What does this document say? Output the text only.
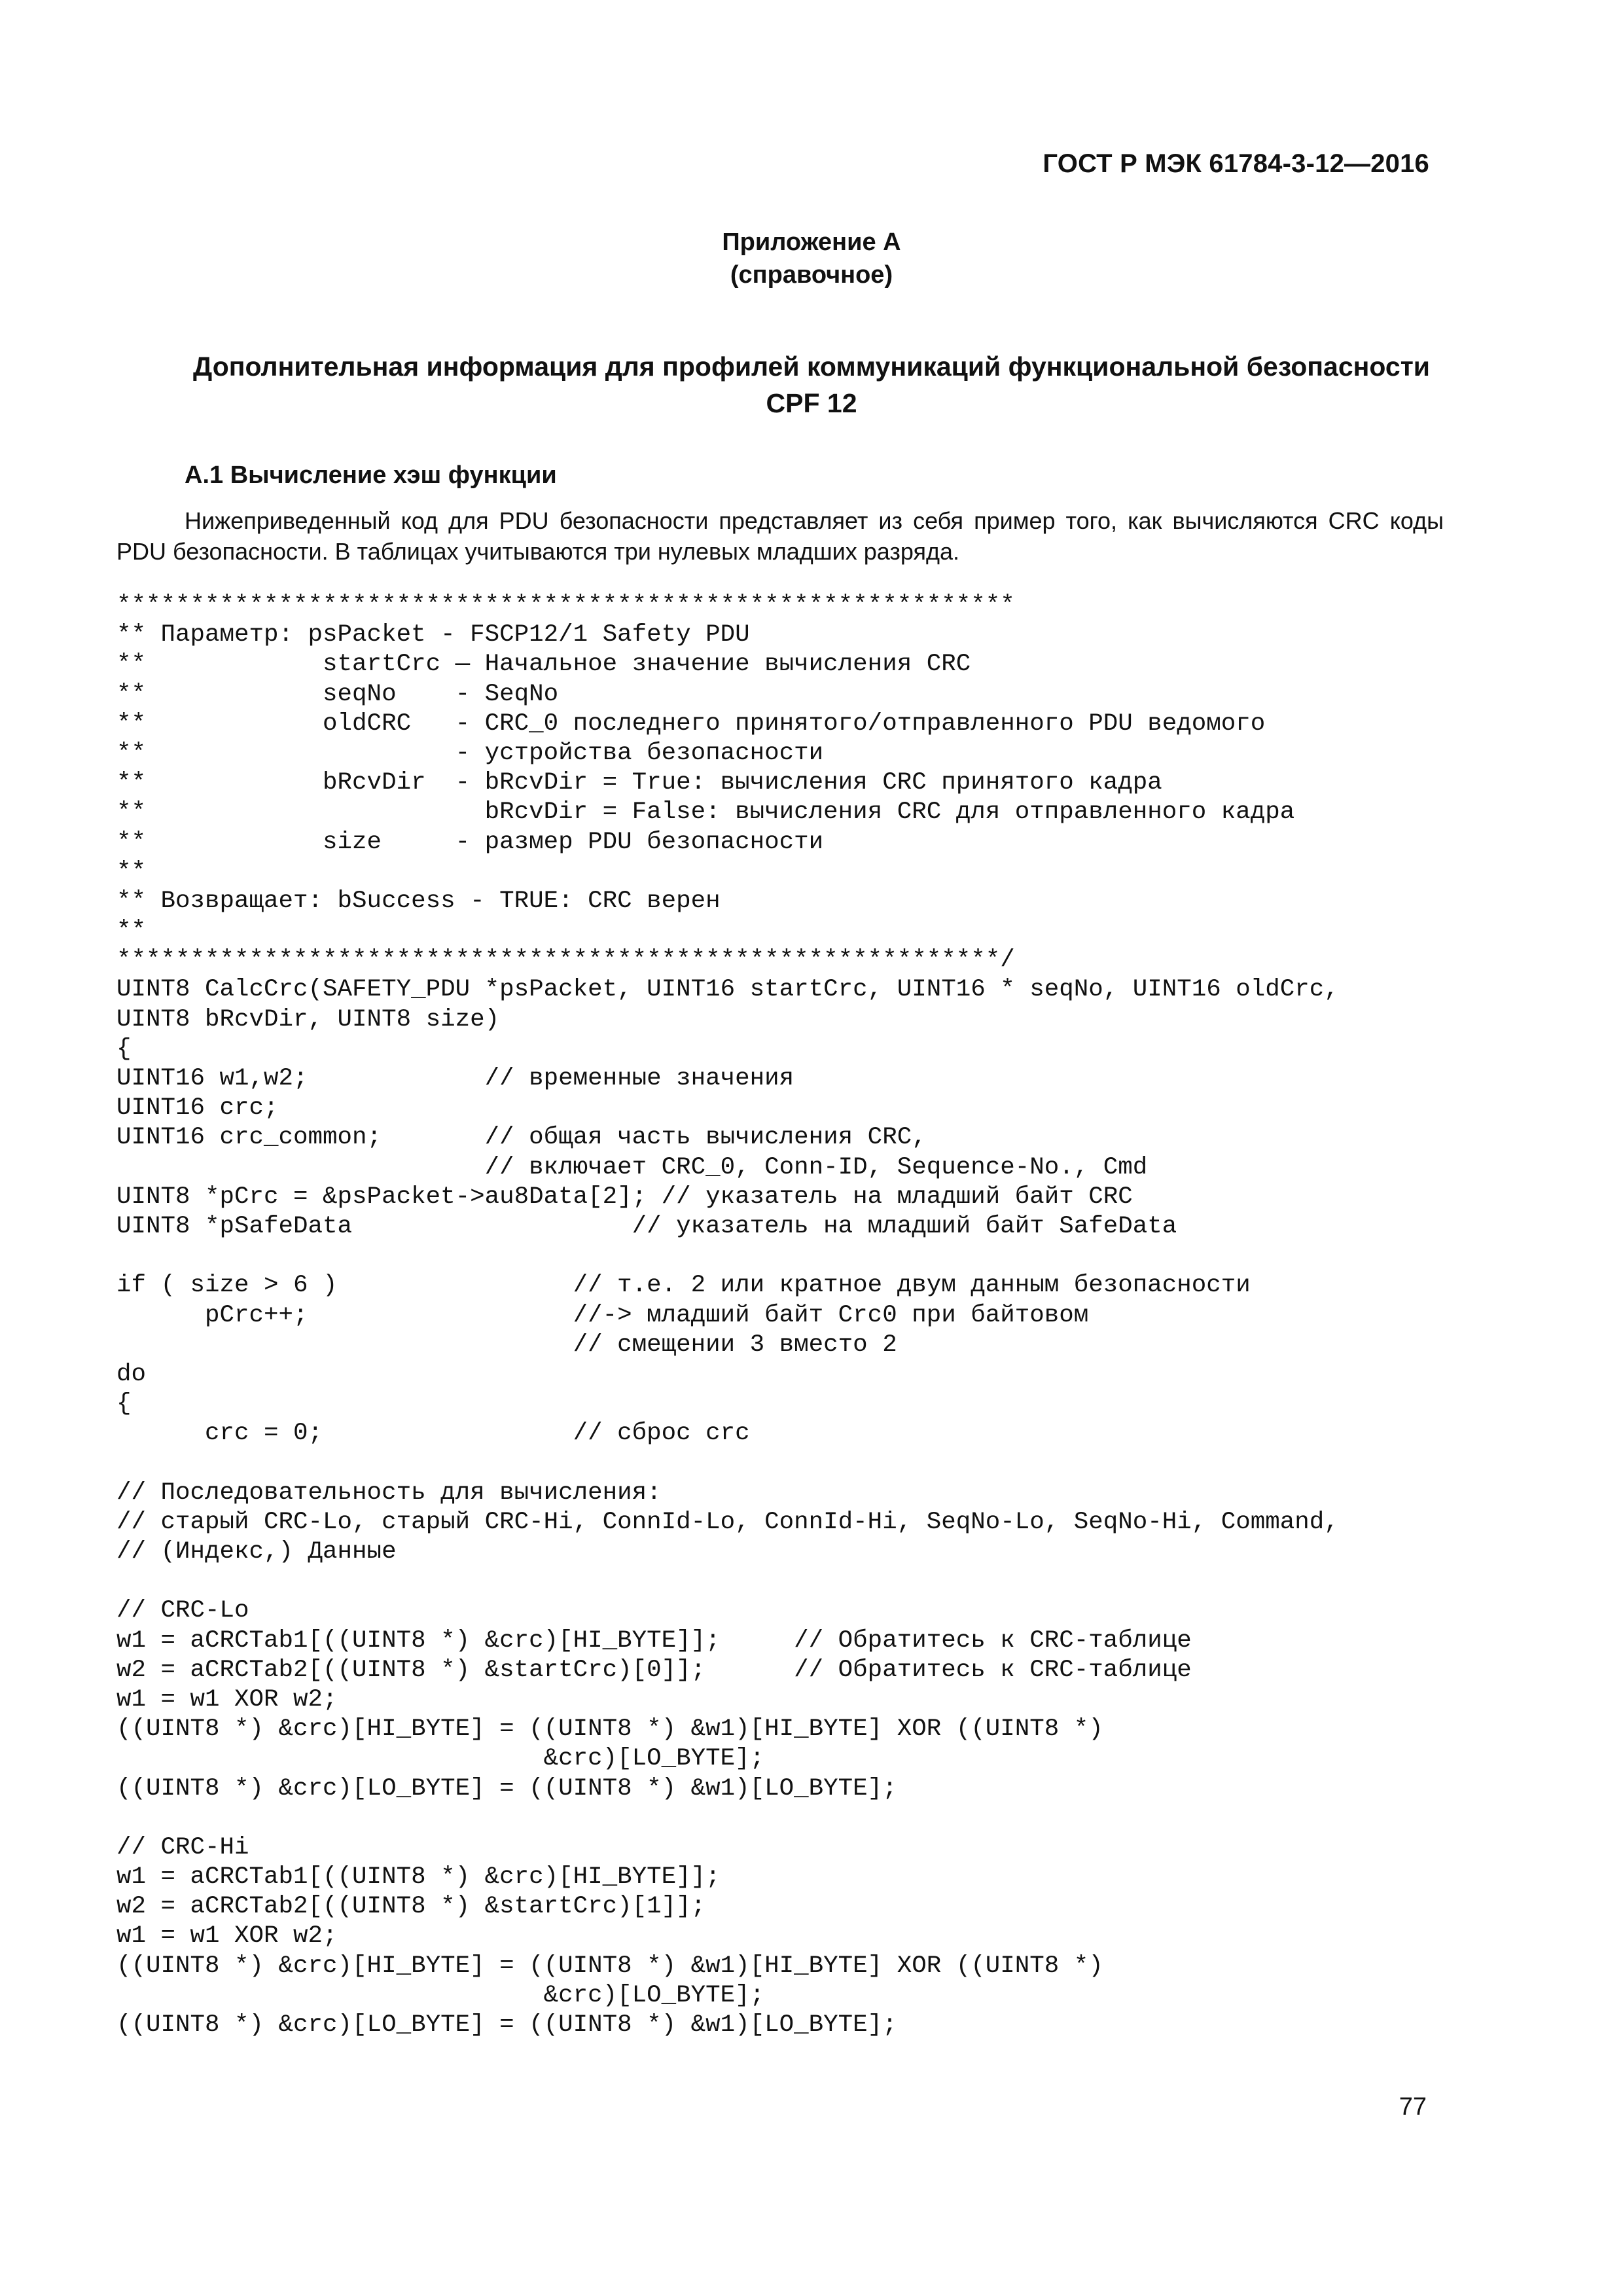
ГОСТ Р МЭК 61784-3-12—2016
Приложение А
(справочное)
Дополнительная информация для профилей коммуникаций функциональной безопасности
CPF 12
А.1 Вычисление хэш функции
Нижеприведенный код для PDU безопасности представляет из себя пример того, как вычисляются CRC коды PDU безопасности. В таблицах учитываются три нулевых младших разряда.
*************************************************************
** Параметр: psPacket - FSCP12/1 Safety PDU
**            startCrc — Начальное значение вычисления CRC
**            seqNo    - SeqNo
**            oldCRC   - CRC_0 последнего принятого/отправленного PDU ведомого
**                     - устройства безопасности
**            bRcvDir  - bRcvDir = True: вычисления CRC принятого кадра
**                       bRcvDir = False: вычисления CRC для отправленного кадра
**            size     - размер PDU безопасности
**
** Возвращает: bSuccess - TRUE: CRC верен
**
************************************************************/
UINT8 CalcCrc(SAFETY_PDU *psPacket, UINT16 startCrc, UINT16 * seqNo, UINT16 oldCrc,
UINT8 bRcvDir, UINT8 size)
{
UINT16 w1,w2;            // временные значения
UINT16 crc;
UINT16 crc_common;       // общая часть вычисления CRC,
// включает CRC_0, Conn-ID, Sequence-No., Cmd
UINT8 *pCrc = &psPacket->au8Data[2]; // указатель на младший байт CRC
UINT8 *pSafeData                   // указатель на младший байт SafeData
if ( size > 6 )                // т.е. 2 или кратное двум данным безопасности
pCrc++;                  //-> младший байт Crc0 при байтовом
// смещении 3 вместо 2
do
{
crc = 0;                 // сброс crc
// Последовательность для вычисления:
// старый CRC-Lo, старый CRC-Hi, ConnId-Lo, ConnId-Hi, SeqNo-Lo, SeqNo-Hi, Command,
// (Индекс,) Данные
// CRC-Lo
w1 = aCRCTab1[((UINT8 *) &crc)[HI_BYTE]];     // Обратитесь к CRC-таблице
w2 = aCRCTab2[((UINT8 *) &startCrc)[0]];      // Обратитесь к CRC-таблице
w1 = w1 XOR w2;
((UINT8 *) &crc)[HI_BYTE] = ((UINT8 *) &w1)[HI_BYTE] XOR ((UINT8 *)
&crc)[LO_BYTE];
((UINT8 *) &crc)[LO_BYTE] = ((UINT8 *) &w1)[LO_BYTE];
// CRC-Hi
w1 = aCRCTab1[((UINT8 *) &crc)[HI_BYTE]];
w2 = aCRCTab2[((UINT8 *) &startCrc)[1]];
w1 = w1 XOR w2;
((UINT8 *) &crc)[HI_BYTE] = ((UINT8 *) &w1)[HI_BYTE] XOR ((UINT8 *)
&crc)[LO_BYTE];
((UINT8 *) &crc)[LO_BYTE] = ((UINT8 *) &w1)[LO_BYTE];
77
